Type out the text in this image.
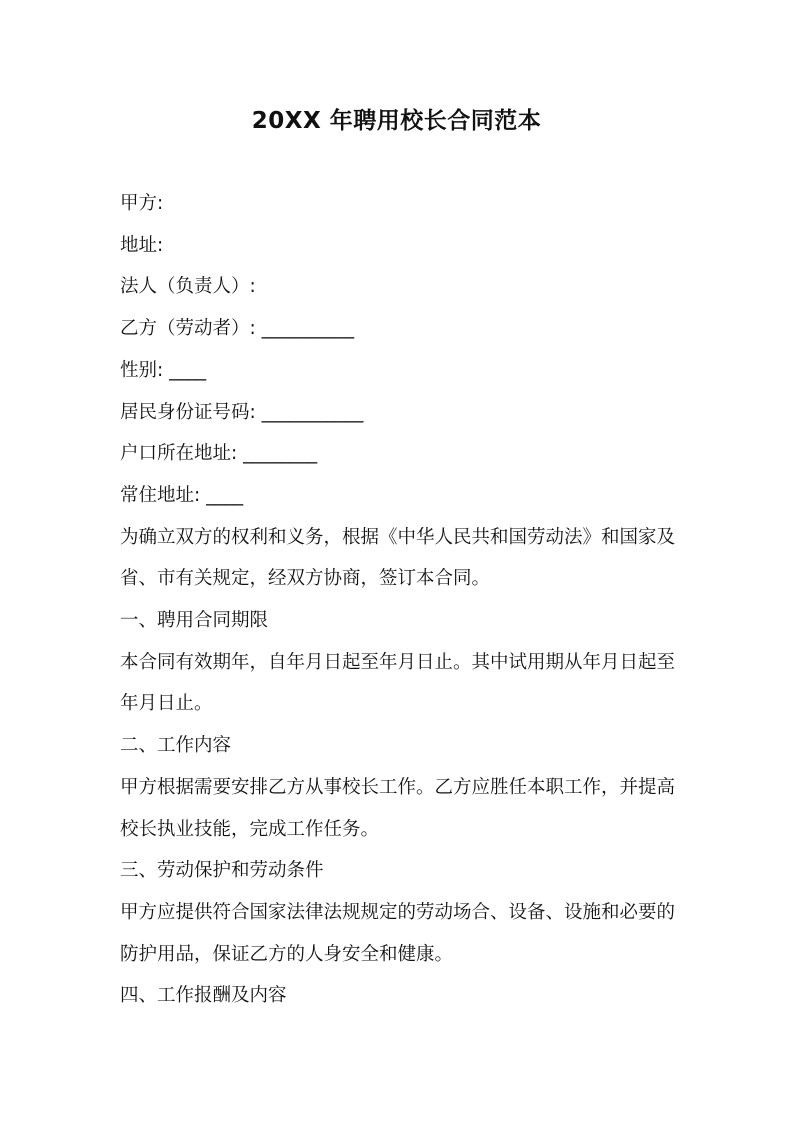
20XX 年聘用校长合同范本

甲方:

地址:

法人（负责人）:

乙方（劳动者）: __________

性别: ____

居民身份证号码: ___________

户口所在地址: ________

常住地址: ____

为确立双方的权利和义务，根据《中华人民共和国劳动法》和国家及省、市有关规定，经双方协商，签订本合同。

一、聘用合同期限

本合同有效期年，自年月日起至年月日止。其中试用期从年月日起至年月日止。

二、工作内容

甲方根据需要安排乙方从事校长工作。乙方应胜任本职工作，并提高校长执业技能，完成工作任务。

三、劳动保护和劳动条件

甲方应提供符合国家法律法规规定的劳动场合、设备、设施和必要的防护用品，保证乙方的人身安全和健康。

四、工作报酬及内容
